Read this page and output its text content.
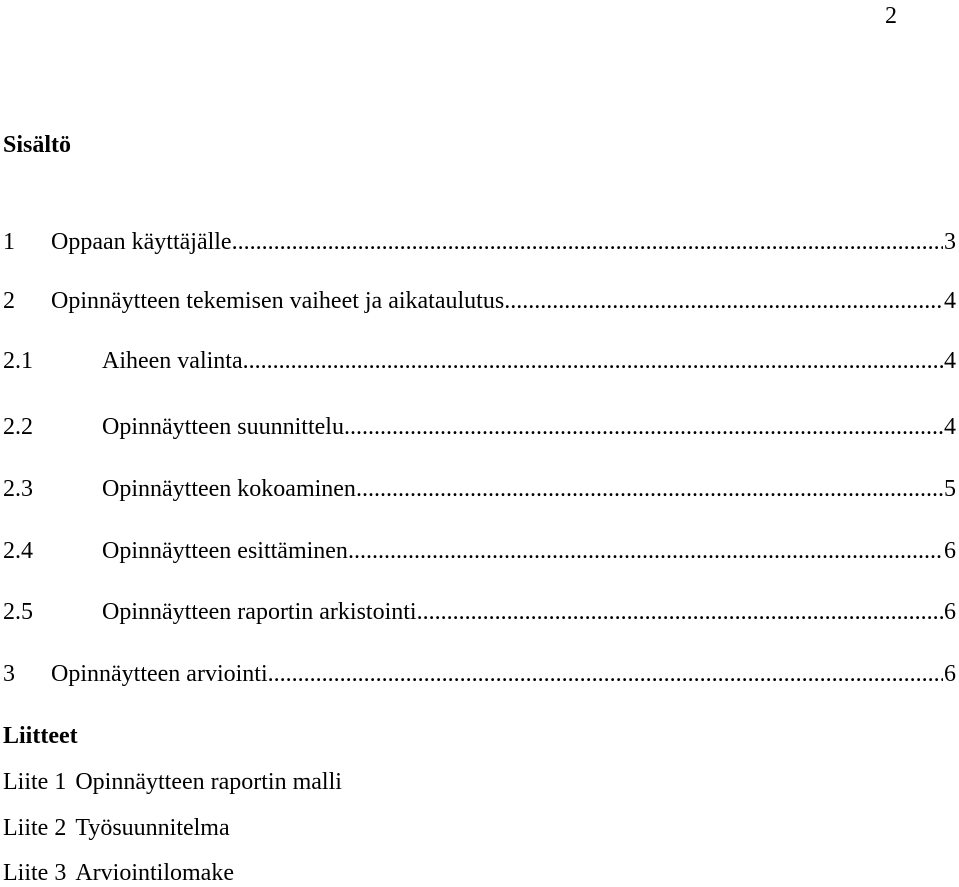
2
Sisältö
1	Oppaan käyttäjälle .....	3
2	Opinnäytteen tekemisen vaiheet ja aikataulutus .....	4
2.1	Aiheen valinta .....	4
2.2	Opinnäytteen suunnittelu .....	4
2.3	Opinnäytteen kokoaminen .....	5
2.4	Opinnäytteen esittäminen .....	6
2.5	Opinnäytteen raportin arkistointi .....	6
3	Opinnäytteen arviointi .....	6
Liitteet
Liite 1 Opinnäytteen raportin malli
Liite 2 Työsuunnitelma
Liite 3 Arviointilomake
